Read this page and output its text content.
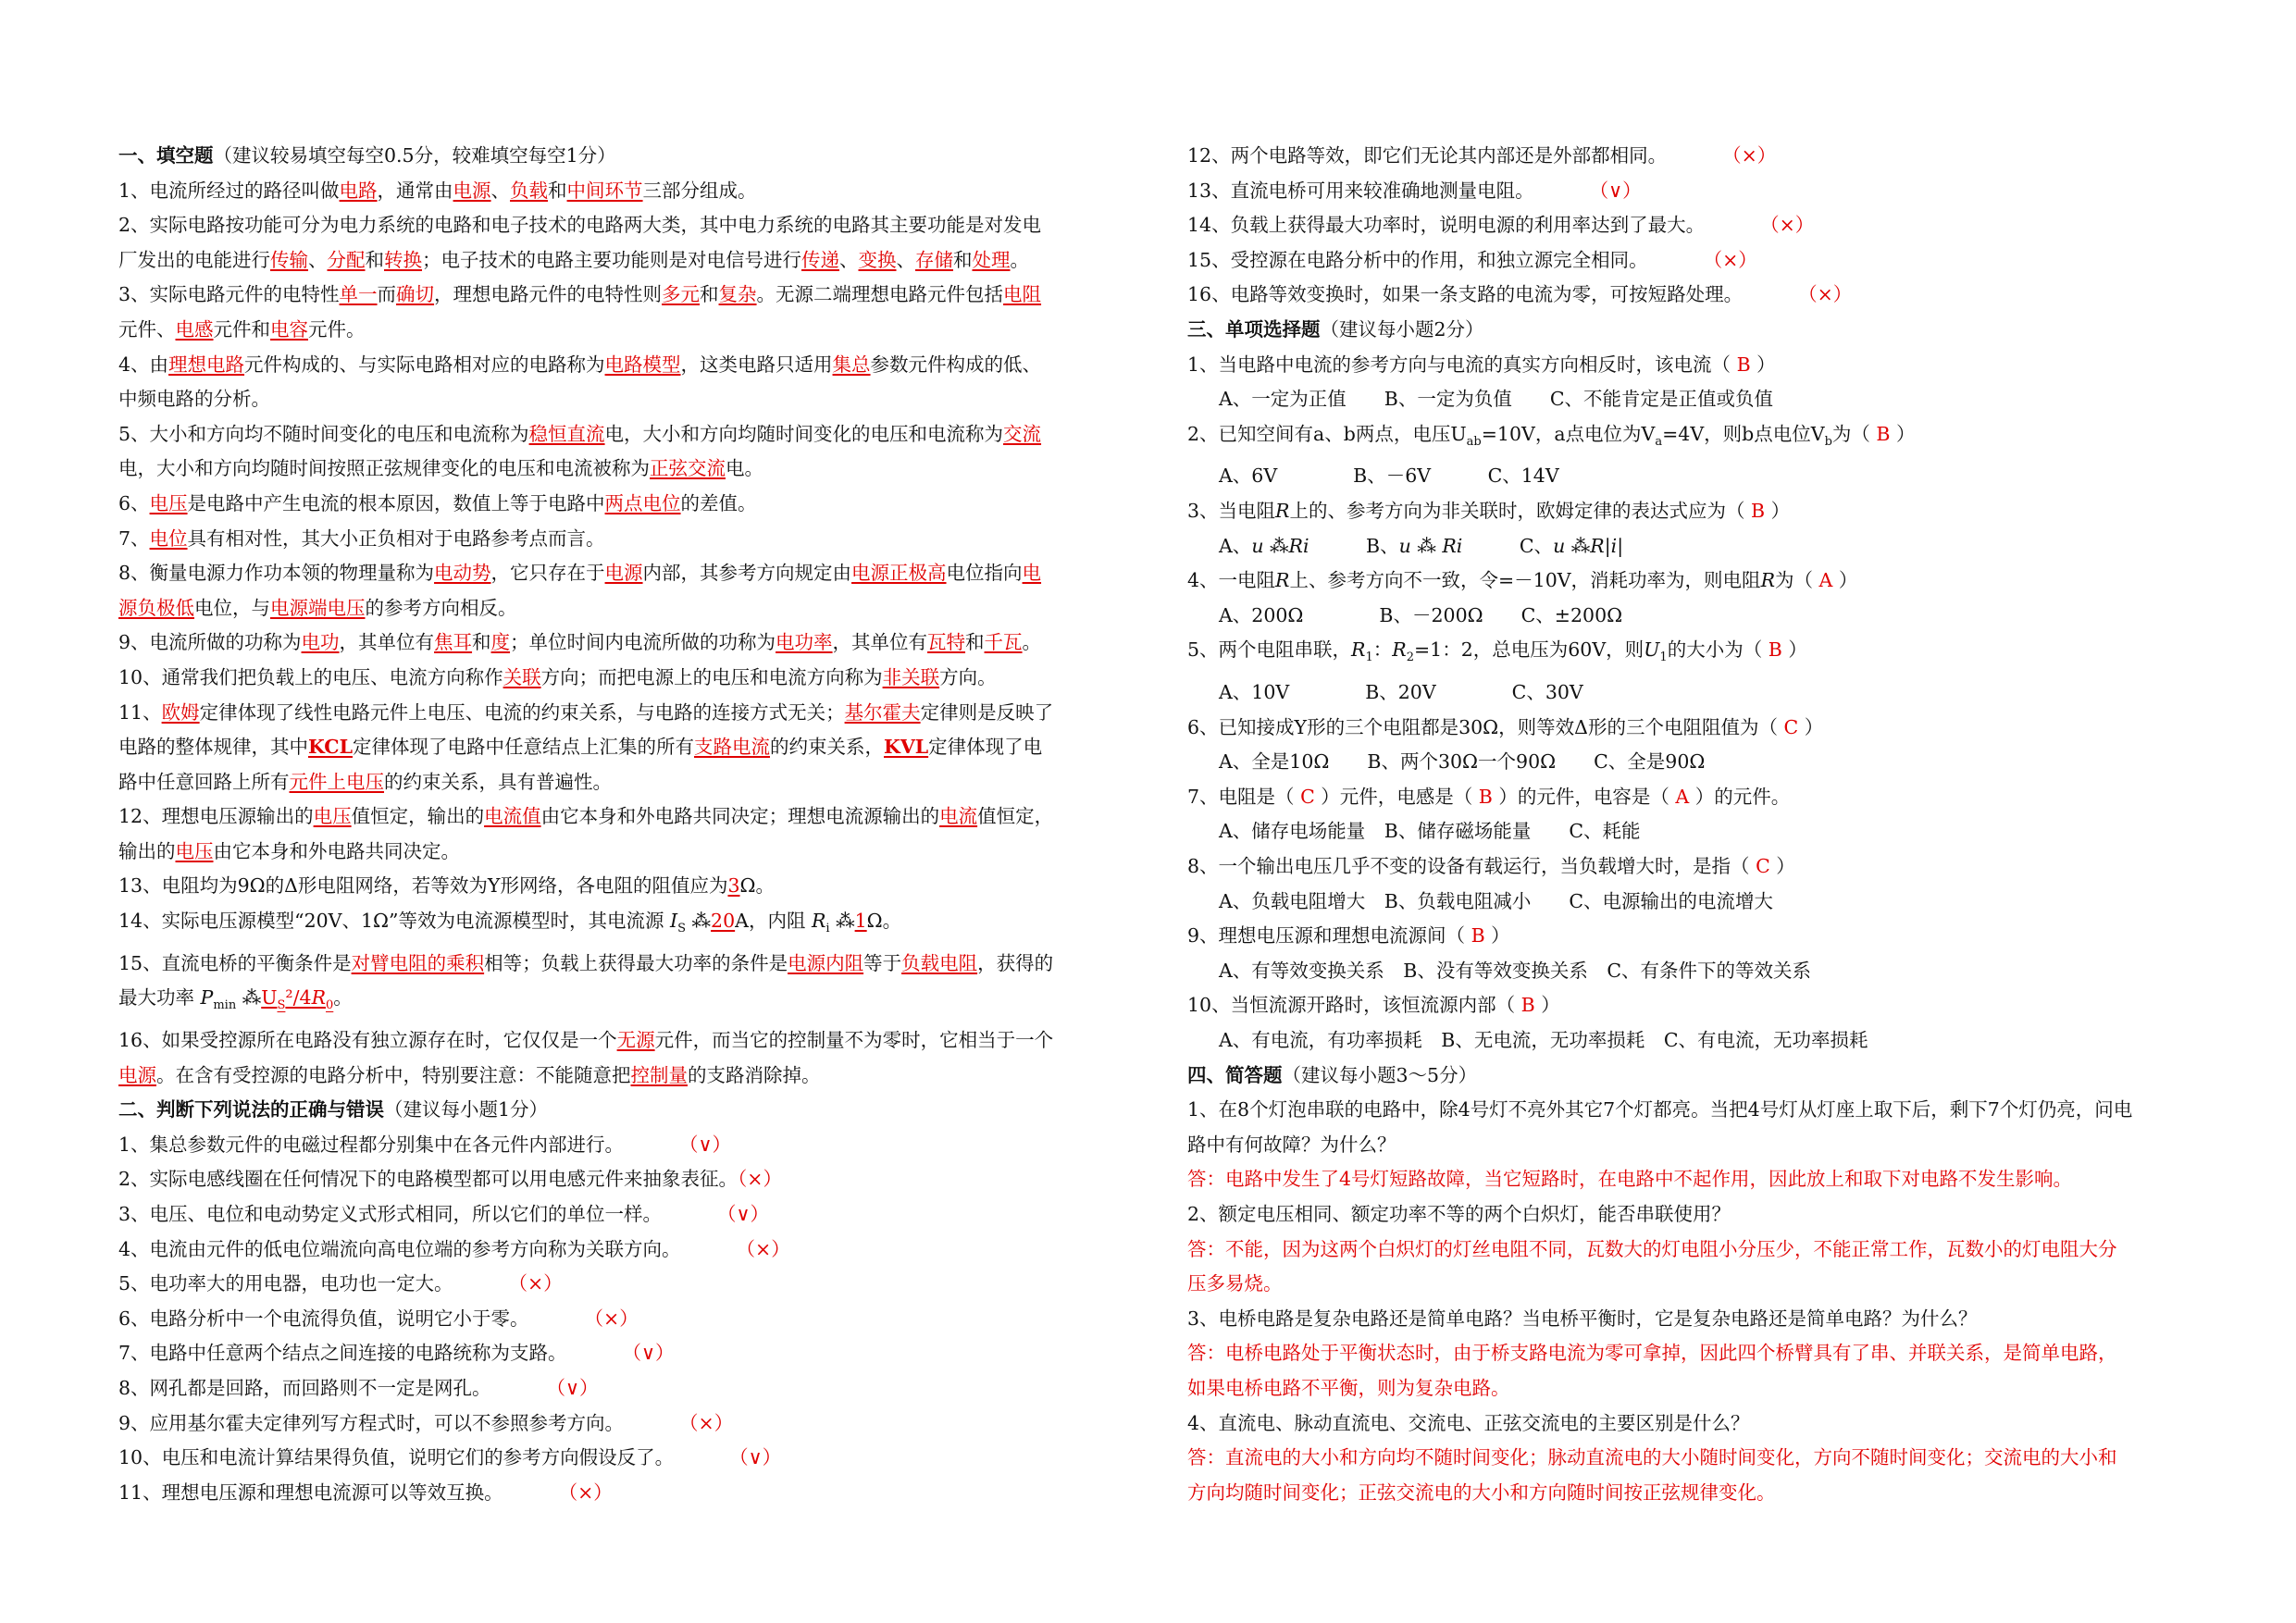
一、填空题（建议较易填空每空0.5分，较难填空每空1分）
1、电流所经过的路径叫做电路，通常由电源、负载和中间环节三部分组成。
2、实际电路按功能可分为电力系统的电路和电子技术的电路两大类，其中电力系统的电路其主要功能是对发电
厂发出的电能进行传输、分配和转换；电子技术的电路主要功能则是对电信号进行传递、变换、存储和处理。
3、实际电路元件的电特性单一而确切，理想电路元件的电特性则多元和复杂。无源二端理想电路元件包括电阻
元件、电感元件和电容元件。
4、由理想电路元件构成的、与实际电路相对应的电路称为电路模型，这类电路只适用集总参数元件构成的低、
中频电路的分析。
5、大小和方向均不随时间变化的电压和电流称为稳恒直流电，大小和方向均随时间变化的电压和电流称为交流
电，大小和方向均随时间按照正弦规律变化的电压和电流被称为正弦交流电。
6、电压是电路中产生电流的根本原因，数值上等于电路中两点电位的差值。
7、电位具有相对性，其大小正负相对于电路参考点而言。
8、衡量电源力作功本领的物理量称为电动势，它只存在于电源内部，其参考方向规定由电源正极高电位指向电
源负极低电位，与电源端电压的参考方向相反。
9、电流所做的功称为电功，其单位有焦耳和度；单位时间内电流所做的功称为电功率，其单位有瓦特和千瓦。
10、通常我们把负载上的电压、电流方向称作关联方向；而把电源上的电压和电流方向称为非关联方向。
11、欧姆定律体现了线性电路元件上电压、电流的约束关系，与电路的连接方式无关；基尔霍夫定律则是反映了
电路的整体规律，其中KCL定律体现了电路中任意结点上汇集的所有支路电流的约束关系，KVL定律体现了电
路中任意回路上所有元件上电压的约束关系，具有普遍性。
12、理想电压源输出的电压值恒定，输出的电流值由它本身和外电路共同决定；理想电流源输出的电流值恒定，
输出的电压由它本身和外电路共同决定。
13、电阻均为9Ω的Δ形电阻网络，若等效为Y形网络，各电阻的阻值应为3Ω。
14、实际电压源模型“20V、1Ω”等效为电流源模型时，其电流源 $I_S$ ⁂20A，内阻 $R_i$ ⁂1Ω。
15、直流电桥的平衡条件是对臂电阻的乘积相等；负载上获得最大功率的条件是电源内阻等于负载电阻，获得的
最大功率 $P_{min}$ $⁂U_S^2/4R_0$。
16、如果受控源所在电路没有独立源存在时，它仅仅是一个无源元件，而当它的控制量不为零时，它相当于一个
电源。在含有受控源的电路分析中，特别要注意：不能随意把控制量的支路消除掉。
二、判断下列说法的正确与错误（建议每小题1分）
1、集总参数元件的电磁过程都分别集中在各元件内部进行。	（∨）
2、实际电感线圈在任何情况下的电路模型都可以用电感元件来抽象表征。（×）
3、电压、电位和电动势定义式形式相同，所以它们的单位一样。	（∨）
4、电流由元件的低电位端流向高电位端的参考方向称为关联方向。	（×）
5、电功率大的用电器，电功也一定大。	（×）
6、电路分析中一个电流得负值，说明它小于零。	（×）
7、电路中任意两个结点之间连接的电路统称为支路。	（∨）
8、网孔都是回路，而回路则不一定是网孔。	（∨）
9、应用基尔霍夫定律列写方程式时，可以不参照参考方向。	（×）
10、电压和电流计算结果得负值，说明它们的参考方向假设反了。	（∨）
11、理想电压源和理想电流源可以等效互换。	（×）
12、两个电路等效，即它们无论其内部还是外部都相同。	（×）
13、直流电桥可用来较准确地测量电阻。	（∨）
14、负载上获得最大功率时，说明电源的利用率达到了最大。	（×）
15、受控源在电路分析中的作用，和独立源完全相同。	（×）
16、电路等效变换时，如果一条支路的电流为零，可按短路处理。	（×）
三、单项选择题（建议每小题2分）
1、当电路中电流的参考方向与电流的真实方向相反时，该电流（ B ）
A、一定为正值　　B、一定为负值　　C、不能肯定是正值或负值
2、已知空间有a、b两点，电压$U_{ab}=10V$，a点电位为$V_a=4V$，则b点电位$V_b$为（ B ）
A、6V　　　　B、－6V　　　C、14V
3、当电阻R上的、参考方向为非关联时，欧姆定律的表达式应为（ B ）
A、u ⁂Ri　　　B、u ⁂ Ri　　　C、u ⁂R|i|
4、一电阻R上、参考方向不一致，令=－10V，消耗功率为，则电阻R为（ A ）
A、200Ω　　　　B、－200Ω　　C、±200Ω
5、两个电阻串联，$R_1$：$R_2=1$：2，总电压为60V，则$U_1$的大小为（ B ）
A、10V　　　　B、20V　　　　C、30V
6、已知接成Y形的三个电阻都是30Ω，则等效Δ形的三个电阻阻值为（ C ）
A、全是10Ω　　B、两个30Ω一个90Ω　　C、全是90Ω
7、电阻是（ C ）元件，电感是（ B ）的元件，电容是（ A ）的元件。
A、储存电场能量　B、储存磁场能量　　C、耗能
8、一个输出电压几乎不变的设备有载运行，当负载增大时，是指（ C ）
A、负载电阻增大　B、负载电阻减小　　C、电源输出的电流增大
9、理想电压源和理想电流源间（ B ）
A、有等效变换关系　B、没有等效变换关系　C、有条件下的等效关系
10、当恒流源开路时，该恒流源内部（ B ）
A、有电流，有功率损耗　B、无电流，无功率损耗　C、有电流，无功率损耗
四、简答题（建议每小题3～5分）
1、在8个灯泡串联的电路中，除4号灯不亮外其它7个灯都亮。当把4号灯从灯座上取下后，剩下7个灯仍亮，问电
路中有何故障？为什么？
答：电路中发生了4号灯短路故障，当它短路时，在电路中不起作用，因此放上和取下对电路不发生影响。
2、额定电压相同、额定功率不等的两个白炽灯，能否串联使用？
答：不能，因为这两个白炽灯的灯丝电阻不同，瓦数大的灯电阻小分压少，不能正常工作，瓦数小的灯电阻大分
压多易烧。
3、电桥电路是复杂电路还是简单电路？当电桥平衡时，它是复杂电路还是简单电路？为什么？
答：电桥电路处于平衡状态时，由于桥支路电流为零可拿掉，因此四个桥臂具有了串、并联关系，是简单电路，
如果电桥电路不平衡，则为复杂电路。
4、直流电、脉动直流电、交流电、正弦交流电的主要区别是什么？
答：直流电的大小和方向均不随时间变化；脉动直流电的大小随时间变化，方向不随时间变化；交流电的大小和
方向均随时间变化；正弦交流电的大小和方向随时间按正弦规律变化。
